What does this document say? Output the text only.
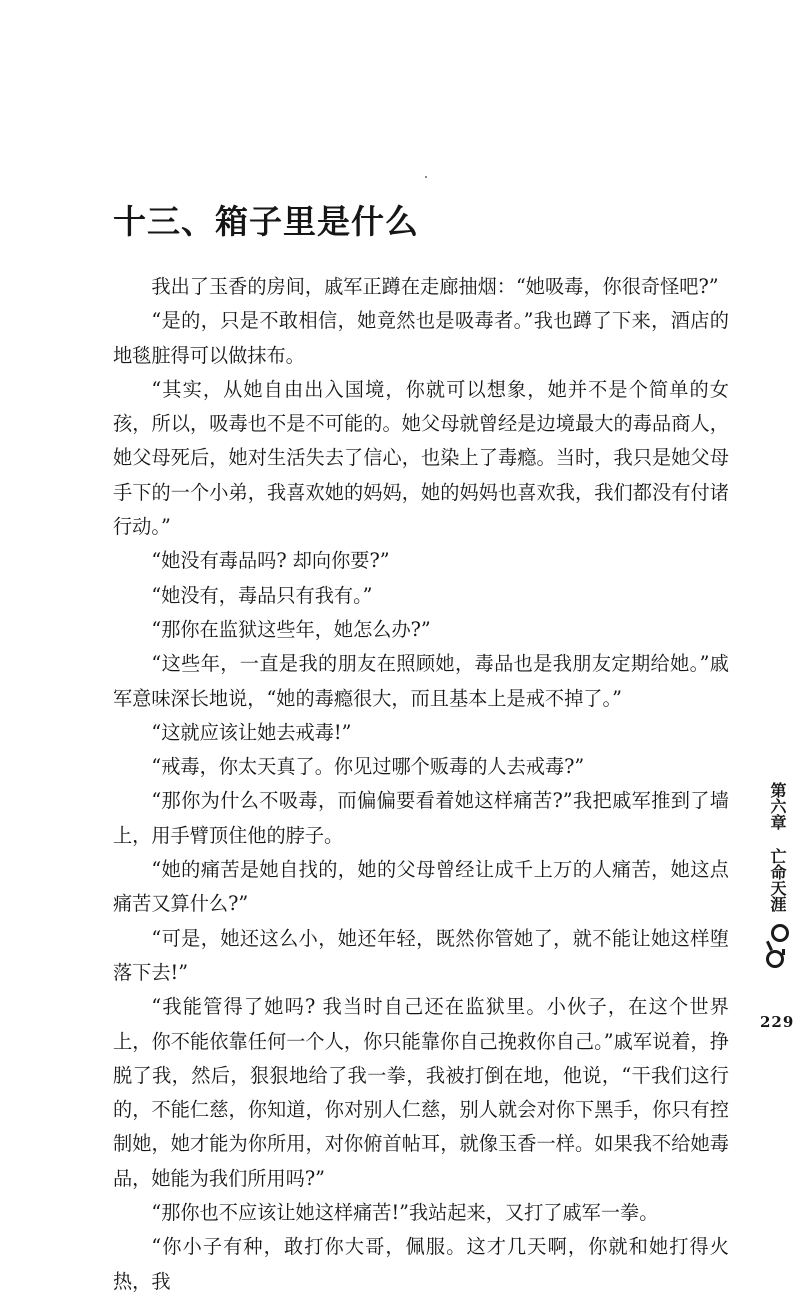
十三、箱子里是什么

我出了玉香的房间，戚军正蹲在走廊抽烟：“她吸毒，你很奇怪吧?”

“是的，只是不敢相信，她竟然也是吸毒者。”我也蹲了下来，酒店的地毯脏得可以做抹布。

“其实，从她自由出入国境，你就可以想象，她并不是个简单的女孩，所以，吸毒也不是不可能的。她父母就曾经是边境最大的毒品商人，她父母死后，她对生活失去了信心，也染上了毒瘾。当时，我只是她父母手下的一个小弟，我喜欢她的妈妈，她的妈妈也喜欢我，我们都没有付诸行动。”

“她没有毒品吗? 却向你要?”

“她没有，毒品只有我有。”

“那你在监狱这些年，她怎么办?”

“这些年，一直是我的朋友在照顾她，毒品也是我朋友定期给她。”戚军意味深长地说，“她的毒瘾很大，而且基本上是戒不掉了。”

“这就应该让她去戒毒!”

“戒毒，你太天真了。你见过哪个贩毒的人去戒毒?”

“那你为什么不吸毒，而偏偏要看着她这样痛苦?”我把戚军推到了墙上，用手臂顶住他的脖子。

“她的痛苦是她自找的，她的父母曾经让成千上万的人痛苦，她这点痛苦又算什么?”

“可是，她还这么小，她还年轻，既然你管她了，就不能让她这样堕落下去!”

“我能管得了她吗? 我当时自己还在监狱里。小伙子，在这个世界上，你不能依靠任何一个人，你只能靠你自己挽救你自己。”戚军说着，挣脱了我，然后，狠狠地给了我一拳，我被打倒在地，他说，“干我们这行的，不能仁慈，你知道，你对别人仁慈，别人就会对你下黑手，你只有控制她，她才能为你所用，对你俯首帖耳，就像玉香一样。如果我不给她毒品，她能为我们所用吗?”

“那你也不应该让她这样痛苦!”我站起来，又打了戚军一拳。

“你小子有种，敢打你大哥，佩服。这才几天啊，你就和她打得火热，我

第六章
亡命天涯
229
